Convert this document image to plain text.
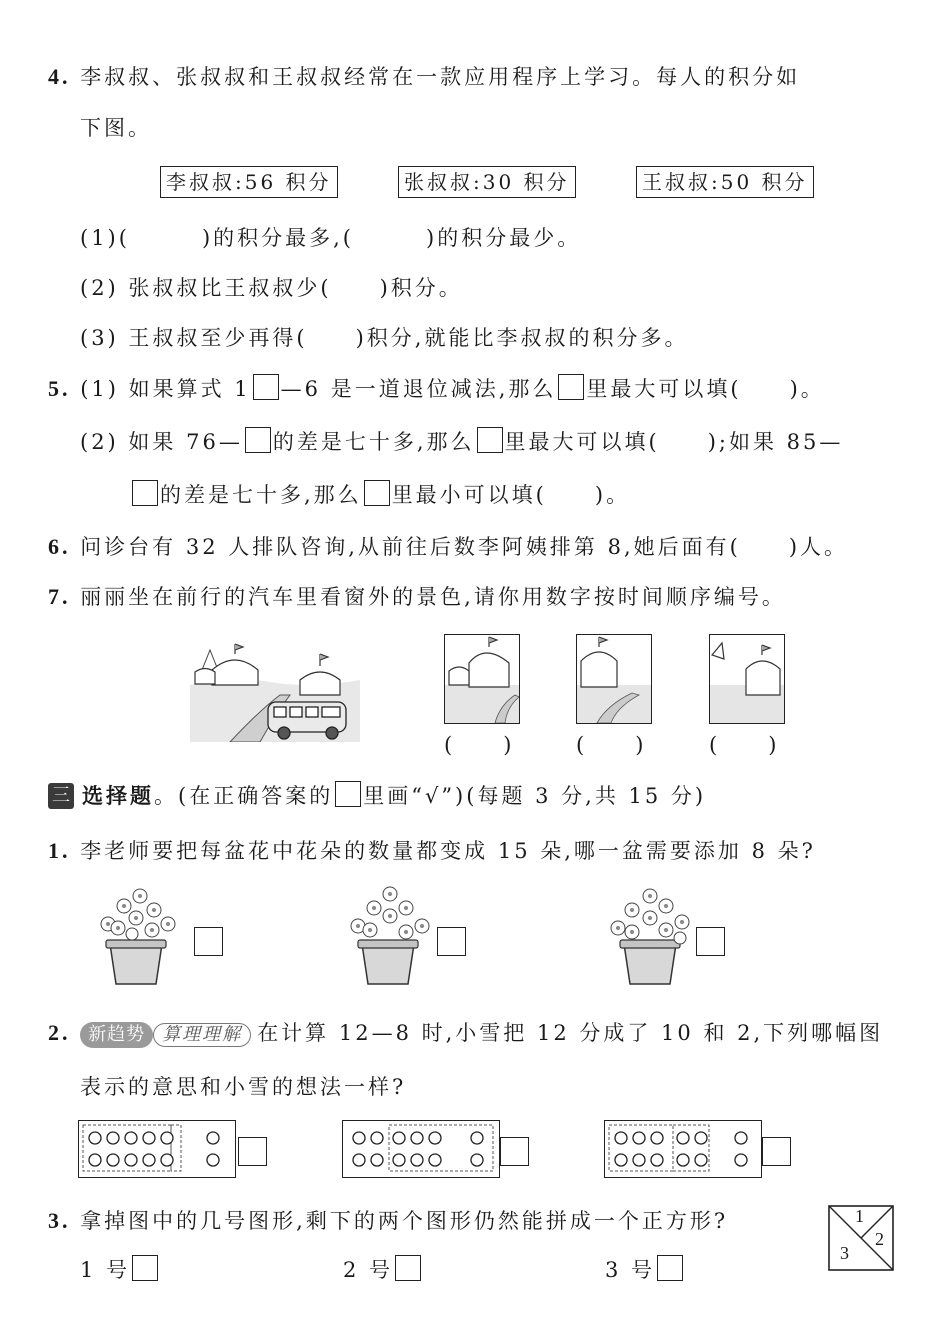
4. 李叔叔、张叔叔和王叔叔经常在一款应用程序上学习。每人的积分如
下图。
李叔叔:56 积分	张叔叔:30 积分	王叔叔:50 积分
(1)(　　　)的积分最多,(　　　)的积分最少。
(2) 张叔叔比王叔叔少(　　)积分。
(3) 王叔叔至少再得(　　)积分,就能比李叔叔的积分多。
5. (1) 如果算式 1 —6 是一道退位减法,那么 里最大可以填(　　)。
(2) 如果 76— 的差是七十多,那么 里最大可以填(　　);如果 85—
的差是七十多,那么 里最小可以填(　　)。
6. 问诊台有 32 人排队咨询,从前往后数李阿姨排第 8,她后面有(　　)人。
7. 丽丽坐在前行的汽车里看窗外的景色,请你用数字按时间顺序编号。
(　　)	(　　)	(　　)
三 选择题。(在正确答案的 里画“√”)(每题 3 分,共 15 分)
1. 李老师要把每盆花中花朵的数量都变成 15 朵,哪一盆需要添加 8 朵?
2. 新趋势 算理理解 在计算 12—8 时,小雪把 12 分成了 10 和 2,下列哪幅图
表示的意思和小雪的想法一样?
3. 拿掉图中的几号图形,剩下的两个图形仍然能拼成一个正方形?
1 号	2 号	3 号
1
2
3
